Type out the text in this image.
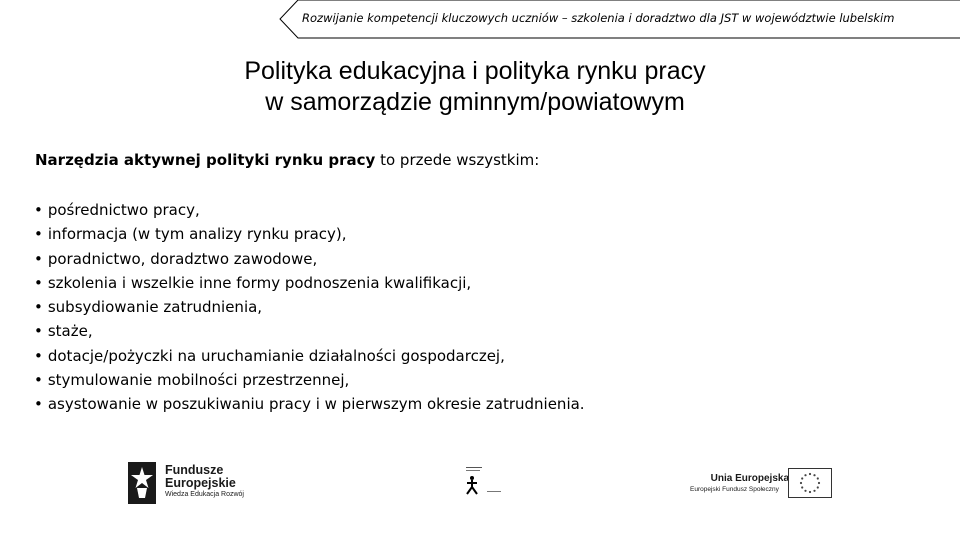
Rozwijanie kompetencji kluczowych uczniów – szkolenia i doradztwo dla JST w województwie lubelskim
Polityka edukacyjna i polityka rynku pracy
w samorządzie gminnym/powiatowym
Narzędzia aktywnej polityki rynku pracy to przede wszystkim:
• pośrednictwo pracy,
• informacja (w tym analizy rynku pracy),
• poradnictwo, doradztwo zawodowe,
• szkolenia i wszelkie inne formy podnoszenia kwalifikacji,
• subsydiowanie zatrudnienia,
• staże,
• dotacje/pożyczki na uruchamianie działalności gospodarczej,
• stymulowanie mobilności przestrzennej,
• asystowanie w poszukiwaniu pracy i w pierwszym okresie zatrudnienia.
Fundusze
Europejskie
Wiedza Edukacja Rozwój
Unia Europejska
Europejski Fundusz Społeczny
